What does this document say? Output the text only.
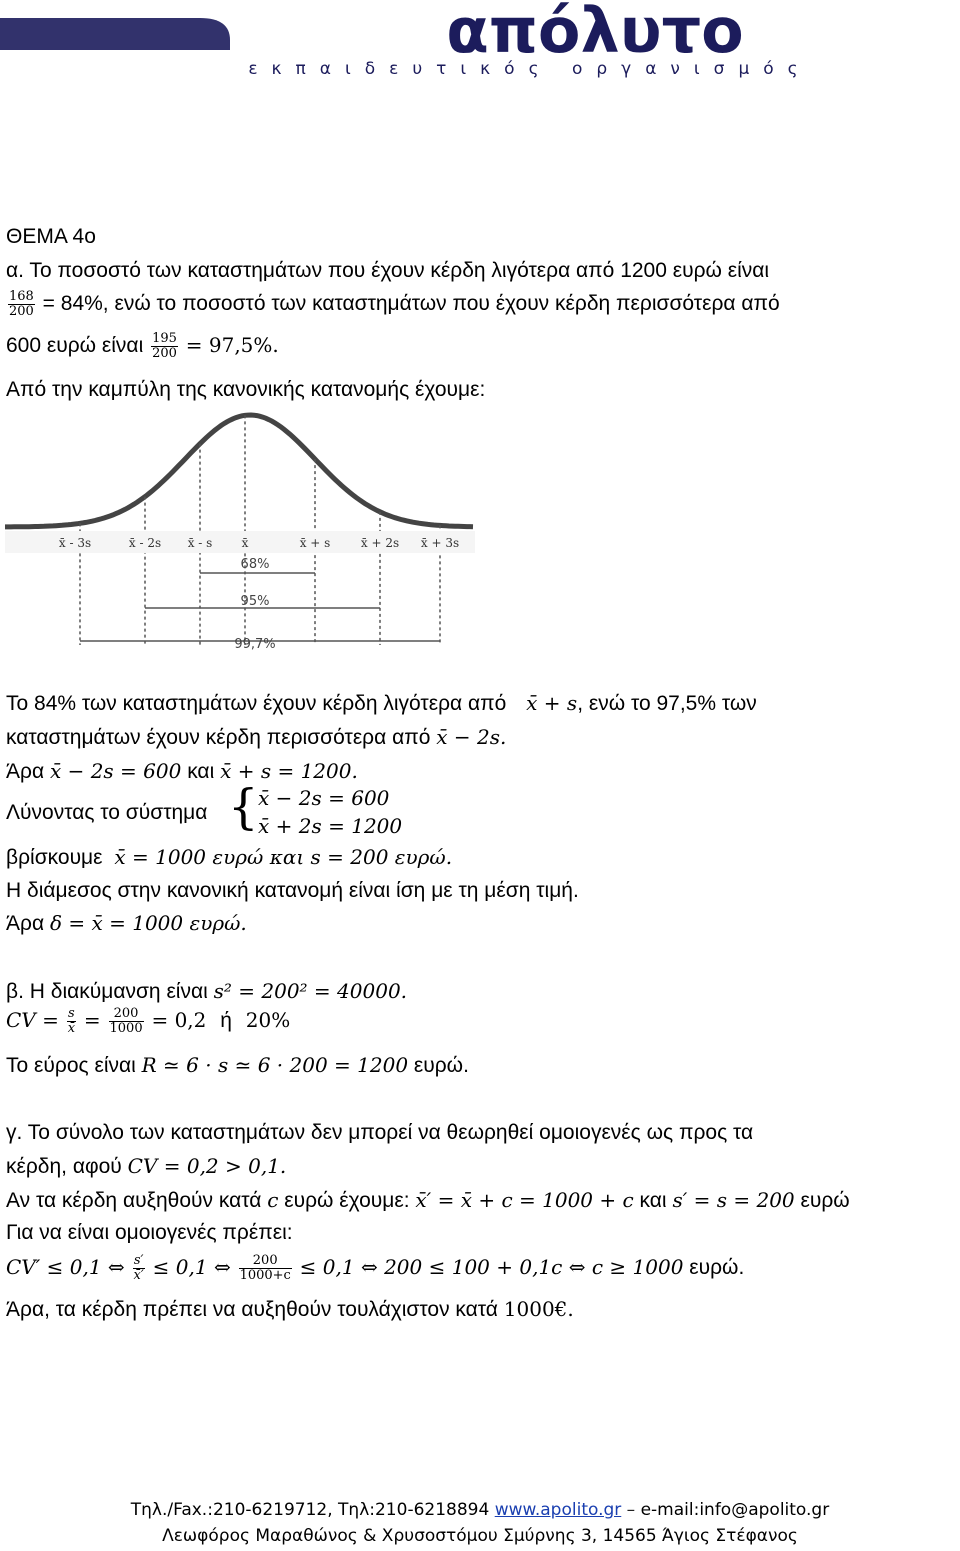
απόλυτο
εκπαιδευτικός οργανισμός
ΘΕΜΑ 4ο
α. Το ποσοστό των καταστημάτων που έχουν κέρδη λιγότερα από 1200 ευρώ είναι
$\frac{168}{200} = 84\%$, ενώ το ποσοστό των καταστημάτων που έχουν κέρδη περισσότερα από
600 ευρώ είναι $\frac{195}{200} = 97,5\%$.
Από την καμπύλη της κανονικής κατανομής έχουμε:
x̄ - 3s	x̄ - 2s x̄ - s x̄	x̄ + s	x̄ + 2s x̄ + 3s
68%
95%
99,7%
Το 84% των καταστημάτων έχουν κέρδη λιγότερα από x̄ + s, ενώ το 97,5% των
καταστημάτων έχουν κέρδη περισσότερα από x̄ − 2s.
Άρα x̄ − 2s = 600 και x̄ + s = 1200.
Λύνοντας το σύστημα { x̄ − 2s = 600
x̄ + 2s = 1200
βρίσκουμε x̄ = 1000 ευρώ και s = 200 ευρώ.
Η διάμεσος στην κανονική κατανομή είναι ίση με τη μέση τιμή.
Άρα δ = x̄ = 1000 ευρώ.
β. Η διακύμανση είναι s² = 200² = 40000.
CV = $\frac{s}{x̄} = \frac{200}{1000} = 0,2$ ή 20%
Το εύρος είναι R ≃ 6 · s ≃ 6 · 200 = 1200 ευρώ.
γ. Το σύνολο των καταστημάτων δεν μπορεί να θεωρηθεί ομοιογενές ως προς τα
κέρδη, αφού CV = 0,2 > 0,1.
Αν τα κέρδη αυξηθούν κατά c ευρώ έχουμε: x̄′ = x̄ + c = 1000 + c και s′ = s = 200 ευρώ
Για να είναι ομοιογενές πρέπει:
CV′ ≤ 0,1 ⇔ $\frac{s'}{x̄'} \le 0,1$ ⇔ $\frac{200}{1000+c} \le 0,1$ ⇔ 200 ≤ 100 + 0,1c ⇔ c ≥ 1000 ευρώ.
Άρα, τα κέρδη πρέπει να αυξηθούν τουλάχιστον κατά 1000€.
Τηλ./Fax.:210-6219712, Τηλ:210-6218894 www.apolito.gr – e-mail:info@apolito.gr
Λεωφόρος Μαραθώνος & Χρυσοστόμου Σμύρνης 3, 14565 Άγιος Στέφανος
